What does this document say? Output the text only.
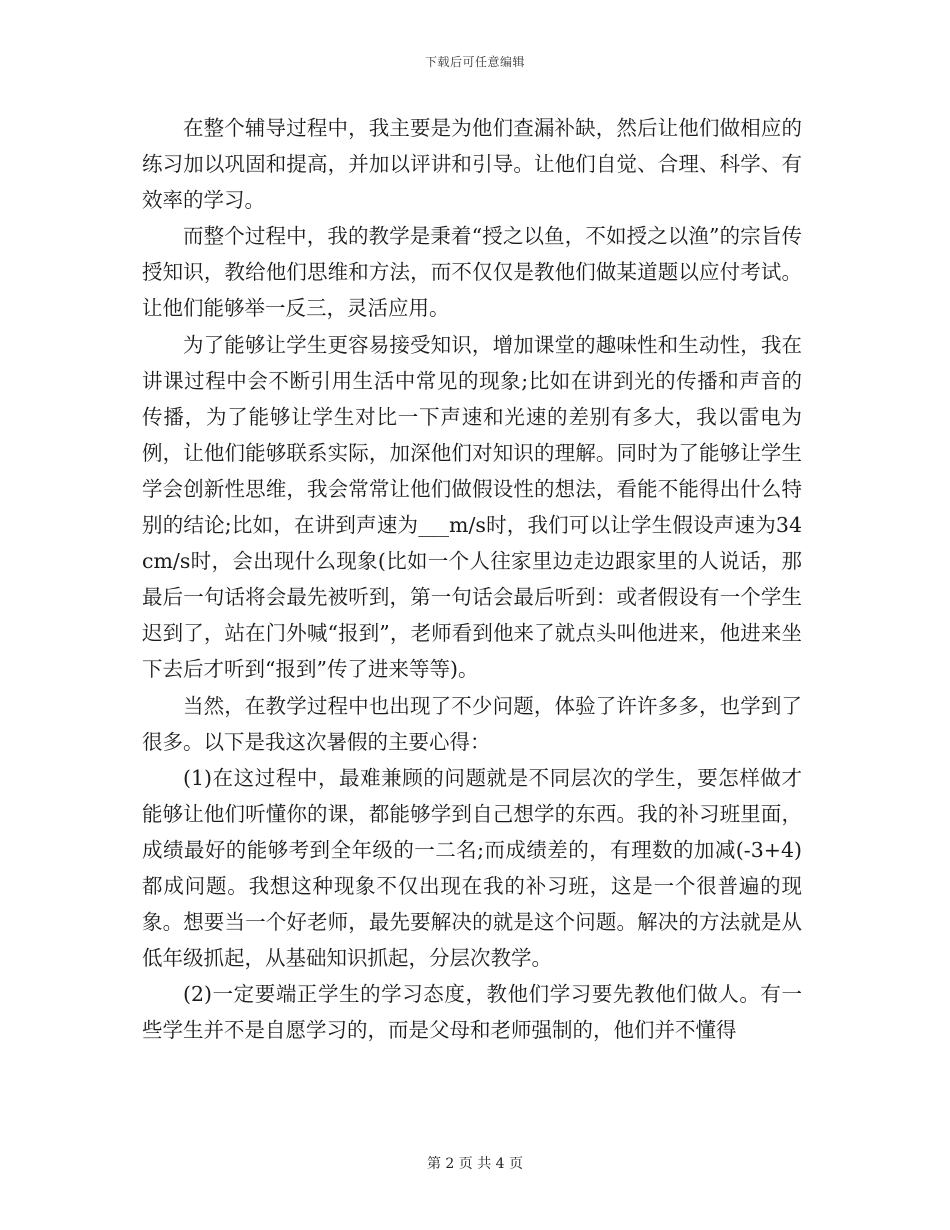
下载后可任意编辑

在整个辅导过程中，我主要是为他们查漏补缺，然后让他们做相应的练习加以巩固和提高，并加以评讲和引导。让他们自觉、合理、科学、有效率的学习。

而整个过程中，我的教学是秉着“授之以鱼，不如授之以渔”的宗旨传授知识，教给他们思维和方法，而不仅仅是教他们做某道题以应付考试。让他们能够举一反三，灵活应用。

为了能够让学生更容易接受知识，增加课堂的趣味性和生动性，我在讲课过程中会不断引用生活中常见的现象;比如在讲到光的传播和声音的传播，为了能够让学生对比一下声速和光速的差别有多大，我以雷电为例，让他们能够联系实际，加深他们对知识的理解。同时为了能够让学生学会创新性思维，我会常常让他们做假设性的想法，看能不能得出什么特别的结论;比如，在讲到声速为___m/s时，我们可以让学生假设声速为34cm/s时，会出现什么现象(比如一个人往家里边走边跟家里的人说话，那最后一句话将会最先被听到，第一句话会最后听到：或者假设有一个学生迟到了，站在门外喊“报到”，老师看到他来了就点头叫他进来，他进来坐下去后才听到“报到”传了进来等等)。

当然，在教学过程中也出现了不少问题，体验了许许多多，也学到了很多。以下是我这次暑假的主要心得：

(1)在这过程中，最难兼顾的问题就是不同层次的学生，要怎样做才能够让他们听懂你的课，都能够学到自己想学的东西。我的补习班里面，成绩最好的能够考到全年级的一二名;而成绩差的，有理数的加减(-3+4)都成问题。我想这种现象不仅出现在我的补习班，这是一个很普遍的现象。想要当一个好老师，最先要解决的就是这个问题。解决的方法就是从低年级抓起，从基础知识抓起，分层次教学。

(2)一定要端正学生的学习态度，教他们学习要先教他们做人。有一些学生并不是自愿学习的，而是父母和老师强制的，他们并不懂得

第 2 页 共 4 页
